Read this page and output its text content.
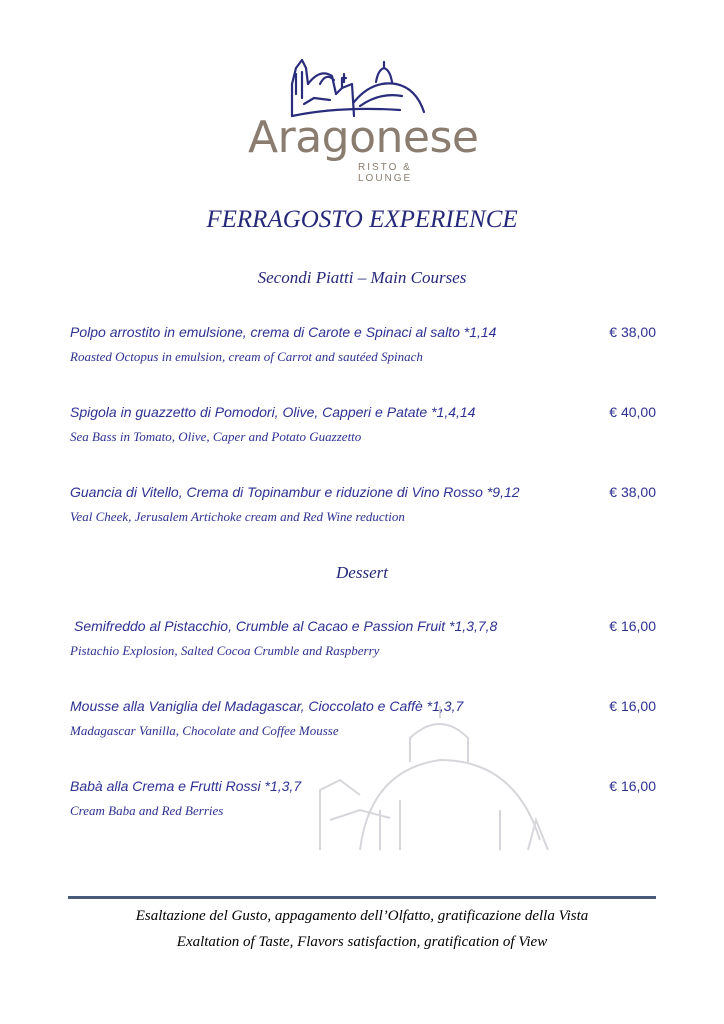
Aragonese
RISTO & LOUNGE
FERRAGOSTO EXPERIENCE
Secondi Piatti – Main Courses
Polpo arrostito in emulsione, crema di Carote e Spinaci al salto *1,14
Roasted Octopus in emulsion, cream of Carrot and sautéed Spinach
€ 38,00
Spigola in guazzetto di Pomodori, Olive, Capperi e Patate *1,4,14
Sea Bass in Tomato, Olive, Caper and Potato Guazzetto
€ 40,00
Guancia di Vitello, Crema di Topinambur e riduzione di Vino Rosso *9,12
Veal Cheek, Jerusalem Artichoke cream and Red Wine reduction
€ 38,00
Dessert
Semifreddo al Pistacchio, Crumble al Cacao e Passion Fruit *1,3,7,8
Pistachio Explosion, Salted Cocoa Crumble and Raspberry
€ 16,00
Mousse alla Vaniglia del Madagascar, Cioccolato e Caffè *1,3,7
Madagascar Vanilla, Chocolate and Coffee Mousse
€ 16,00
Babà alla Crema e Frutti Rossi *1,3,7
Cream Baba and Red Berries
€ 16,00
Esaltazione del Gusto, appagamento dell’Olfatto, gratificazione della Vista
Exaltation of Taste, Flavors satisfaction, gratification of View
